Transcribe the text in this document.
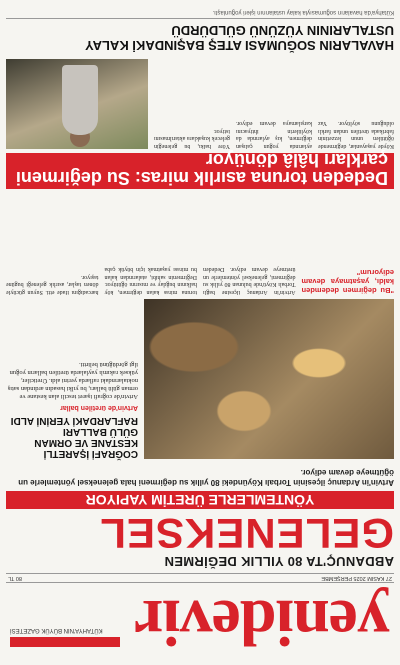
yenidevir
KÜTAHYA'NIN BÜYÜK GAZETESİ
27 KASIM 2025 PERŞEMBE
80 TL
ABDANUÇ'TA 80 YILLIK DEĞİRMEN
GELENEKSEL
YÖNTEMLERLE ÜRETİM YAPIYOR
Artvin'in Ardanuç ilçesinin Torbalı Köyündeki 80 yıllık su değirmeni hala geleneksel yöntemlerle un öğütmeye devam ediyor.
COĞRAFİ İŞARETLİ KESTANE VE ORMAN GÜLÜ BALLARI RAFLARDAKİ YERİNİ ALDI
Artvin'de üretilen ballar
Artvin'de coğrafi işaret tescili alan kestane ve orman gülü balları, bu yılki hasadın ardından satış noktalarındaki raflarda yerini aldı. Üreticiler, yüksek rakımlı yaylalarda üretilen balların yoğun ilgi gördüğünü belirtti.
"Bu değirmen dedemden kaldı, yaşatmaya devam ediyorum"
Artvin'in Ardanuç ilçesine bağlı Torbalı Köyü'nde bulunan 80 yıllık su değirmeni, geleneksel yöntemlerle un üretmeye devam ediyor. Dededen toruna miras kalan değirmen, köy halkının buğday ve mısırını öğütüyor. Değirmenin sahibi, atalarından kalan bu mirası yaşatmak için büyük çaba harcadığını ifade etti. Suyun gücüyle dönen taşlar, asırlık geleneği bugüne taşıyor.
Dededen toruna asırlık miras: Su değirmeni çarkları hâlâ dönüyor
Köyde yaşayanlar, değirmende öğütülen unun lezzetinin fabrikada üretilen undan farklı olduğunu söylüyor. Yaz aylarında yoğun çalışan değirmen, kış aylarında da köylülerin ihtiyacını karşılamaya devam ediyor. Yöre halkı, bu geleneğin gelecek kuşaklara aktarılmasını istiyor.
HAVALARIN SOĞUMASI ATEŞ BAŞINDAKİ KALAY USTALARININ YÜZÜNÜ GÜLDÜRDÜ
Kütahya'da havaların soğumasıyla kalay ustalarının işleri yoğunlaştı.
